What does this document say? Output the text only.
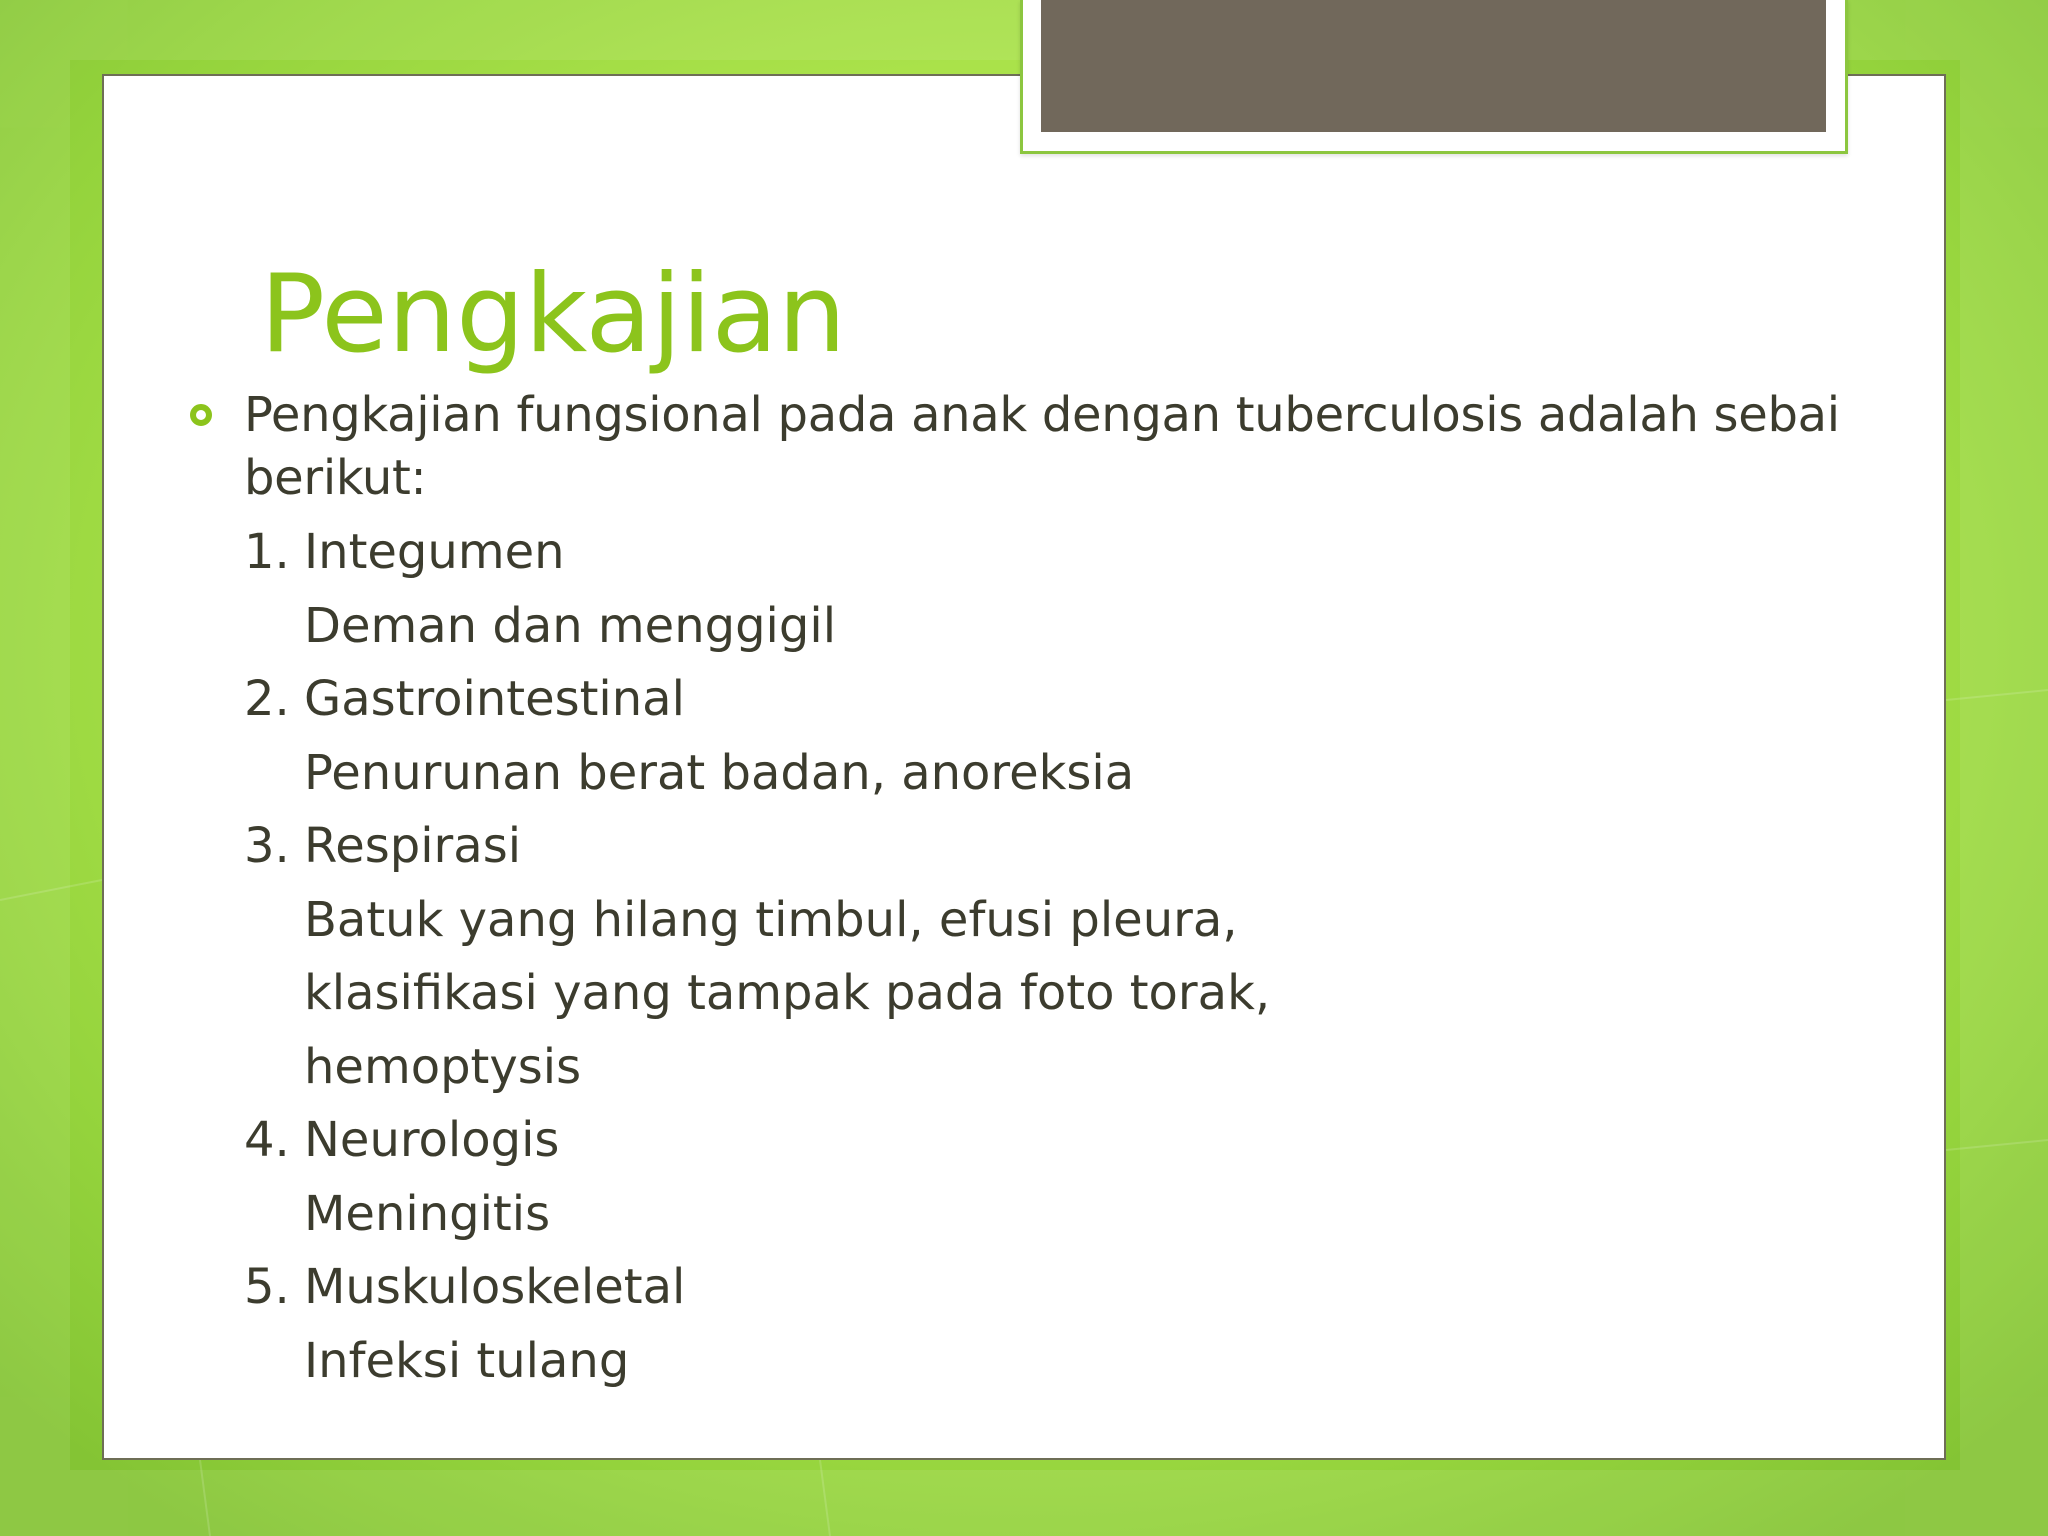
Pengkajian
Pengkajian fungsional pada anak dengan tuberculosis adalah sebai berikut:
1. Integumen
Deman dan menggigil
2. Gastrointestinal
Penurunan berat badan, anoreksia
3. Respirasi
Batuk yang hilang timbul, efusi pleura,
klasifikasi yang tampak pada foto torak,
hemoptysis
4. Neurologis
Meningitis
5. Muskuloskeletal
Infeksi tulang
